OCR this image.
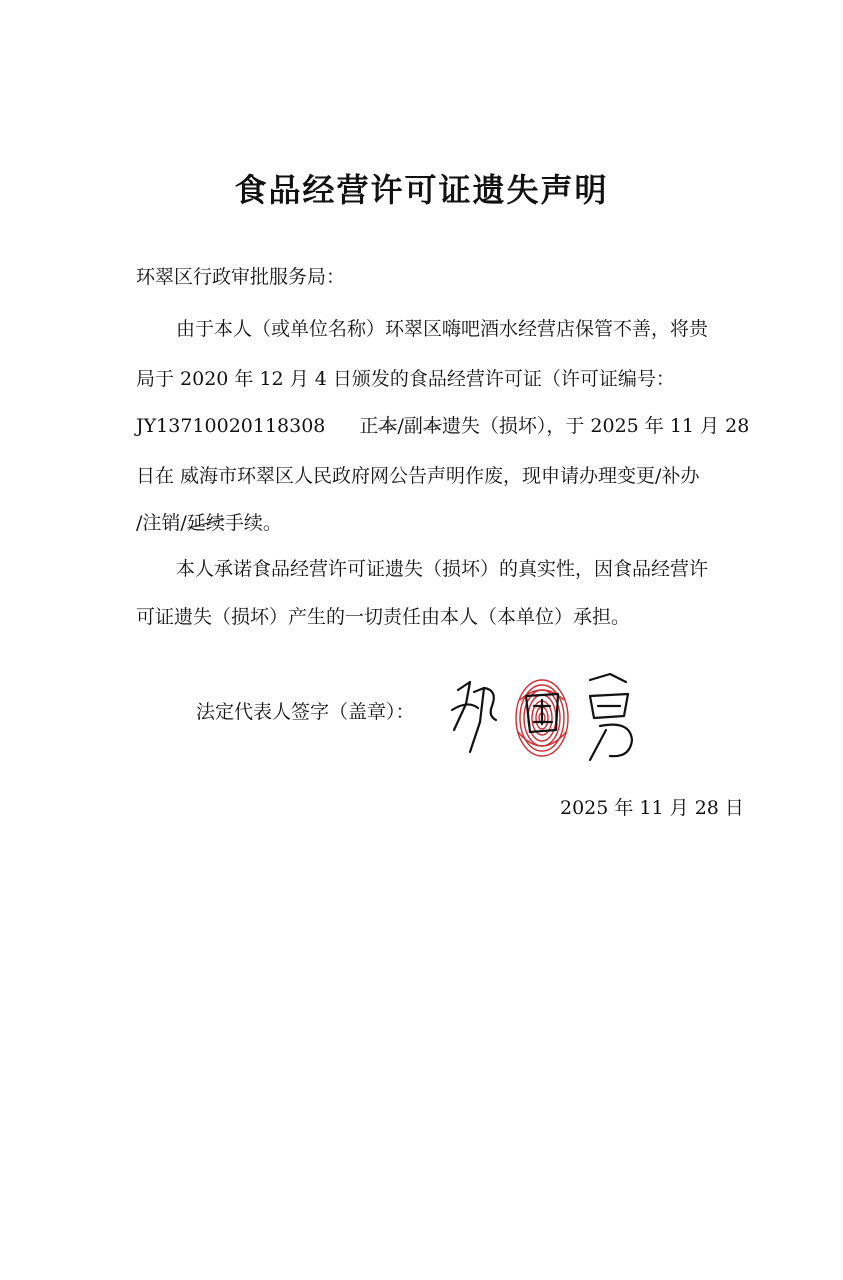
食品经营许可证遗失声明
环翠区行政审批服务局：
由于本人（或单位名称）环翠区嗨吧酒水经营店保管不善，将贵
局于 2020 年 12 月 4 日颁发的食品经营许可证（许可证编号：
JY13710020118308 正本/副本遗失（损坏），于 2025 年 11 月 28
日在 威海市环翠区人民政府网公告声明作废，现申请办理变更/补办
/注销/延续手续。
本人承诺食品经营许可证遗失（损坏）的真实性，因食品经营许
可证遗失（损坏）产生的一切责任由本人（本单位）承担。
法定代表人签字（盖章）：
2025 年 11 月 28 日
